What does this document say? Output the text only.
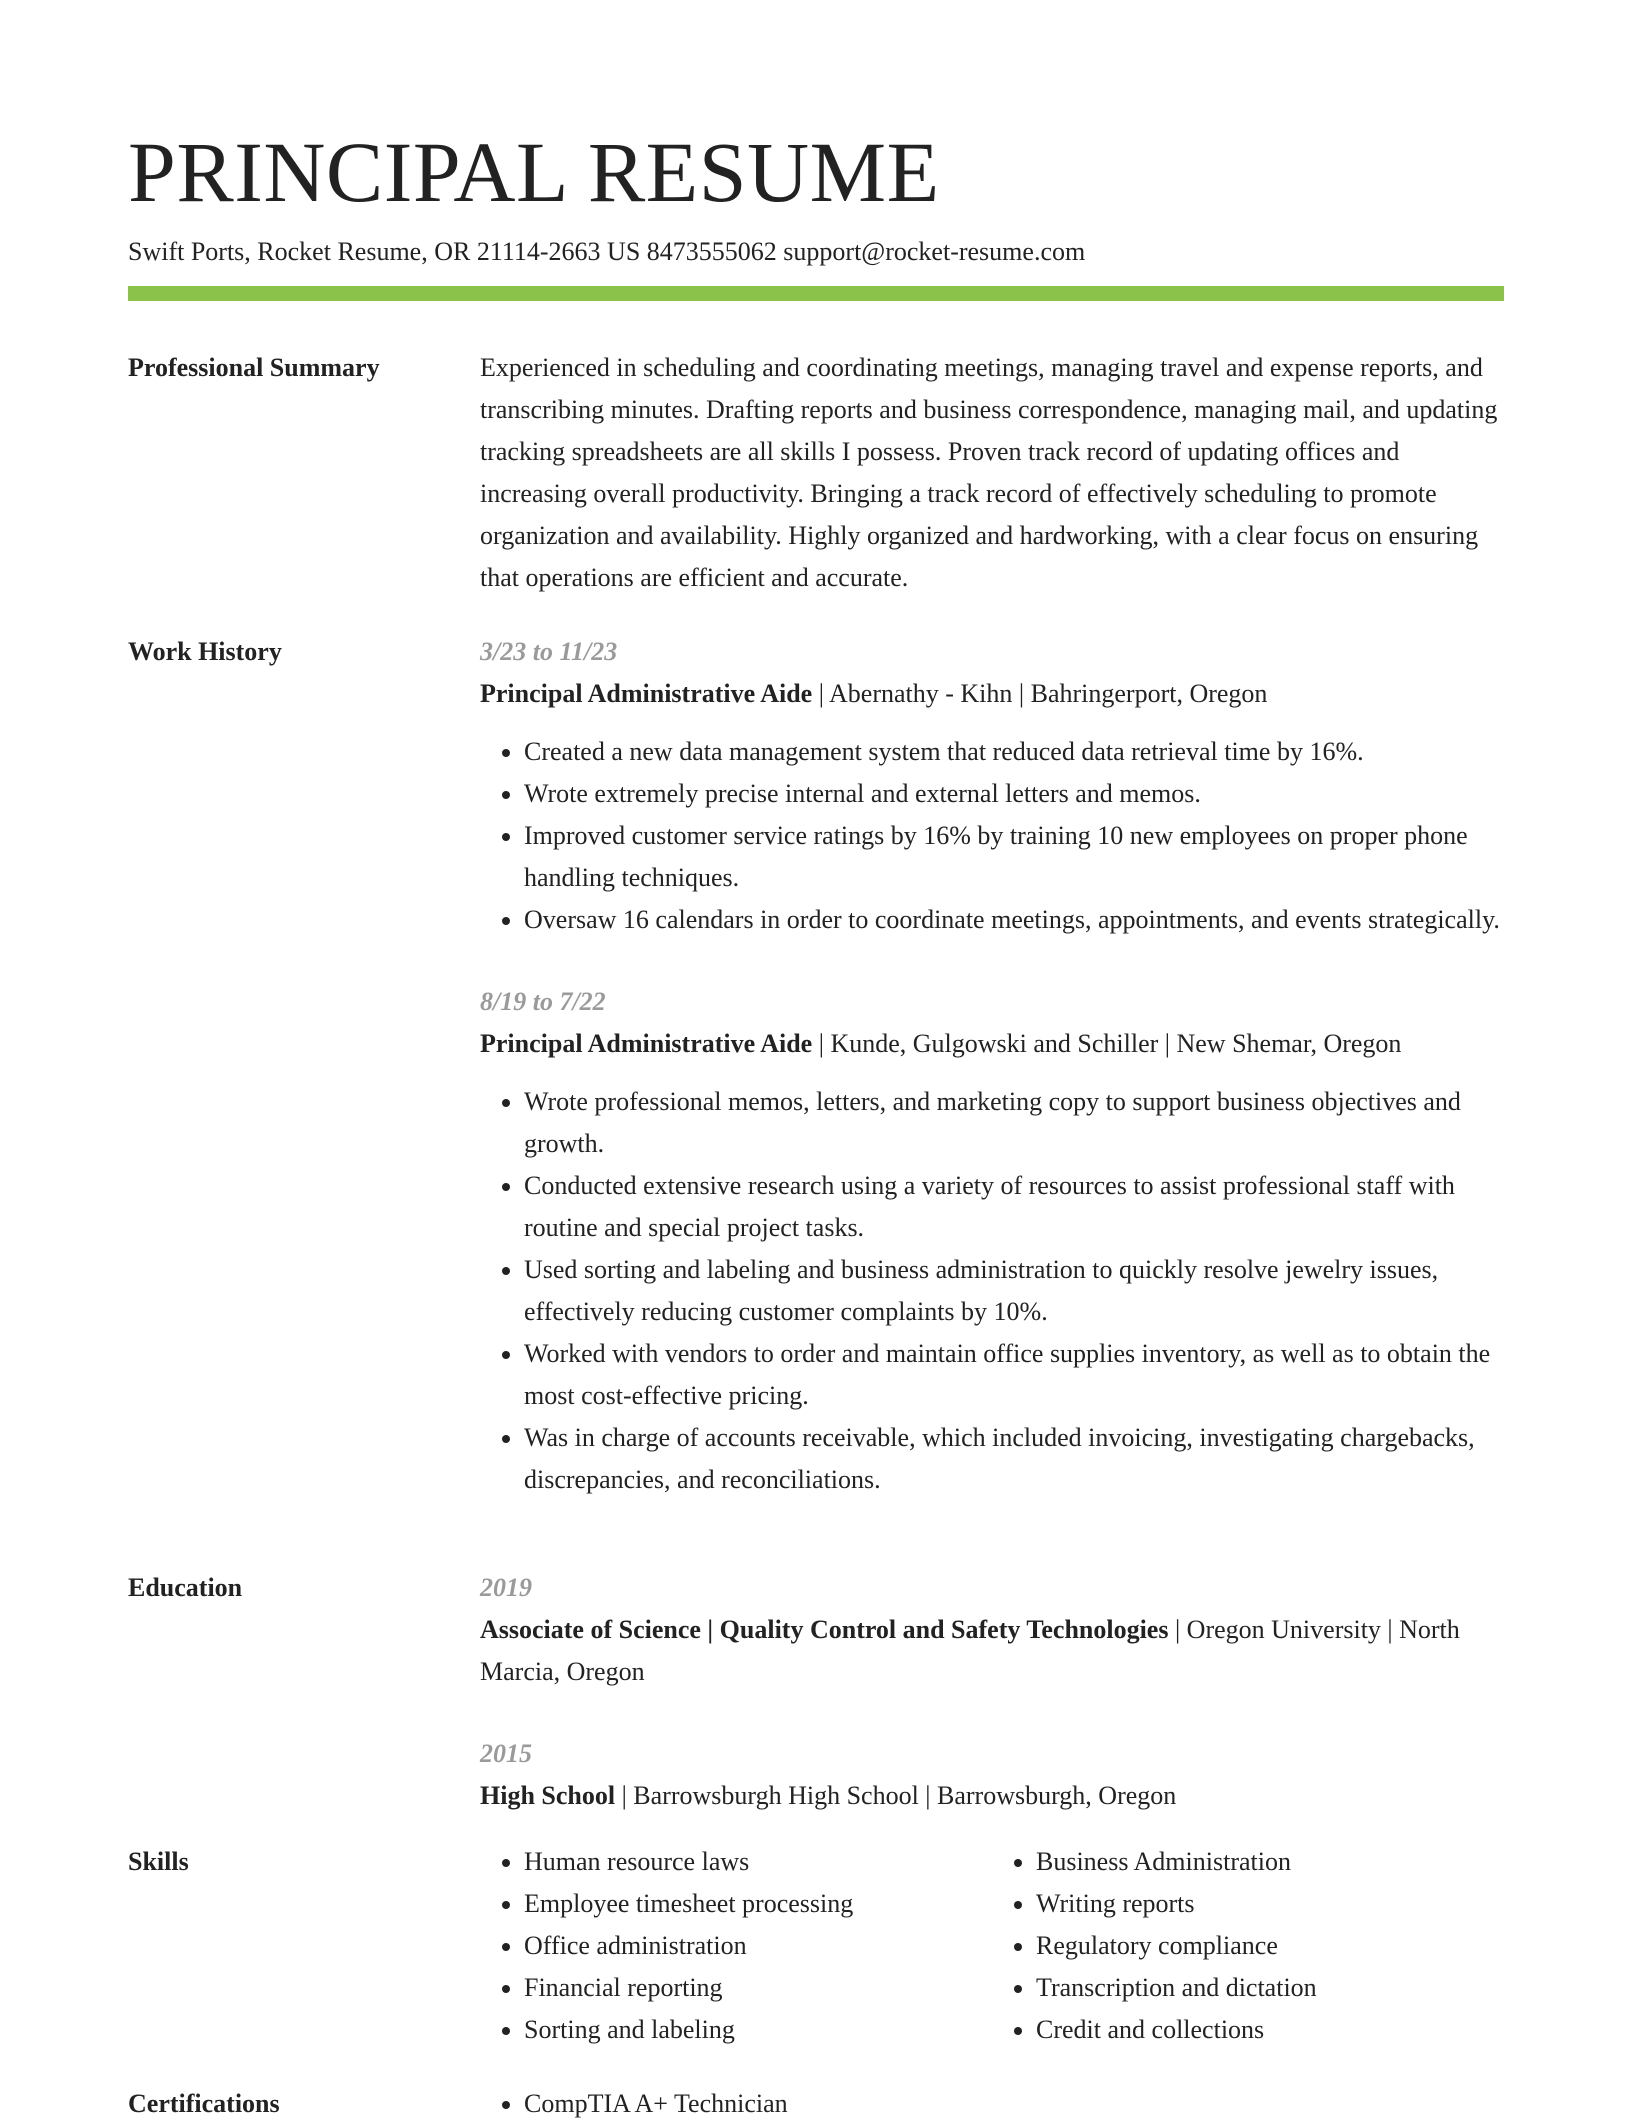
PRINCIPAL RESUME
Swift Ports, Rocket Resume, OR 21114-2663 US 8473555062 support@rocket-resume.com
Professional Summary	Experienced in scheduling and coordinating meetings, managing travel and expense reports, and transcribing minutes. Drafting reports and business correspondence, managing mail, and updating tracking spreadsheets are all skills I possess. Proven track record of updating offices and increasing overall productivity. Bringing a track record of effectively scheduling to promote organization and availability. Highly organized and hardworking, with a clear focus on ensuring that operations are efficient and accurate.
Work History	3/23 to 11/23
Principal Administrative Aide | Abernathy - Kihn | Bahringerport, Oregon
• Created a new data management system that reduced data retrieval time by 16%.
• Wrote extremely precise internal and external letters and memos.
• Improved customer service ratings by 16% by training 10 new employees on proper phone handling techniques.
• Oversaw 16 calendars in order to coordinate meetings, appointments, and events strategically.
8/19 to 7/22
Principal Administrative Aide | Kunde, Gulgowski and Schiller | New Shemar, Oregon
• Wrote professional memos, letters, and marketing copy to support business objectives and growth.
• Conducted extensive research using a variety of resources to assist professional staff with routine and special project tasks.
• Used sorting and labeling and business administration to quickly resolve jewelry issues, effectively reducing customer complaints by 10%.
• Worked with vendors to order and maintain office supplies inventory, as well as to obtain the most cost-effective pricing.
• Was in charge of accounts receivable, which included invoicing, investigating chargebacks, discrepancies, and reconciliations.
Education	2019
Associate of Science | Quality Control and Safety Technologies | Oregon University | North Marcia, Oregon
2015
High School | Barrowsburgh High School | Barrowsburgh, Oregon
Skills	• Human resource laws
• Employee timesheet processing
• Office administration
• Financial reporting
• Sorting and labeling
• Business Administration
• Writing reports
• Regulatory compliance
• Transcription and dictation
• Credit and collections
Certifications	• CompTIA A+ Technician
